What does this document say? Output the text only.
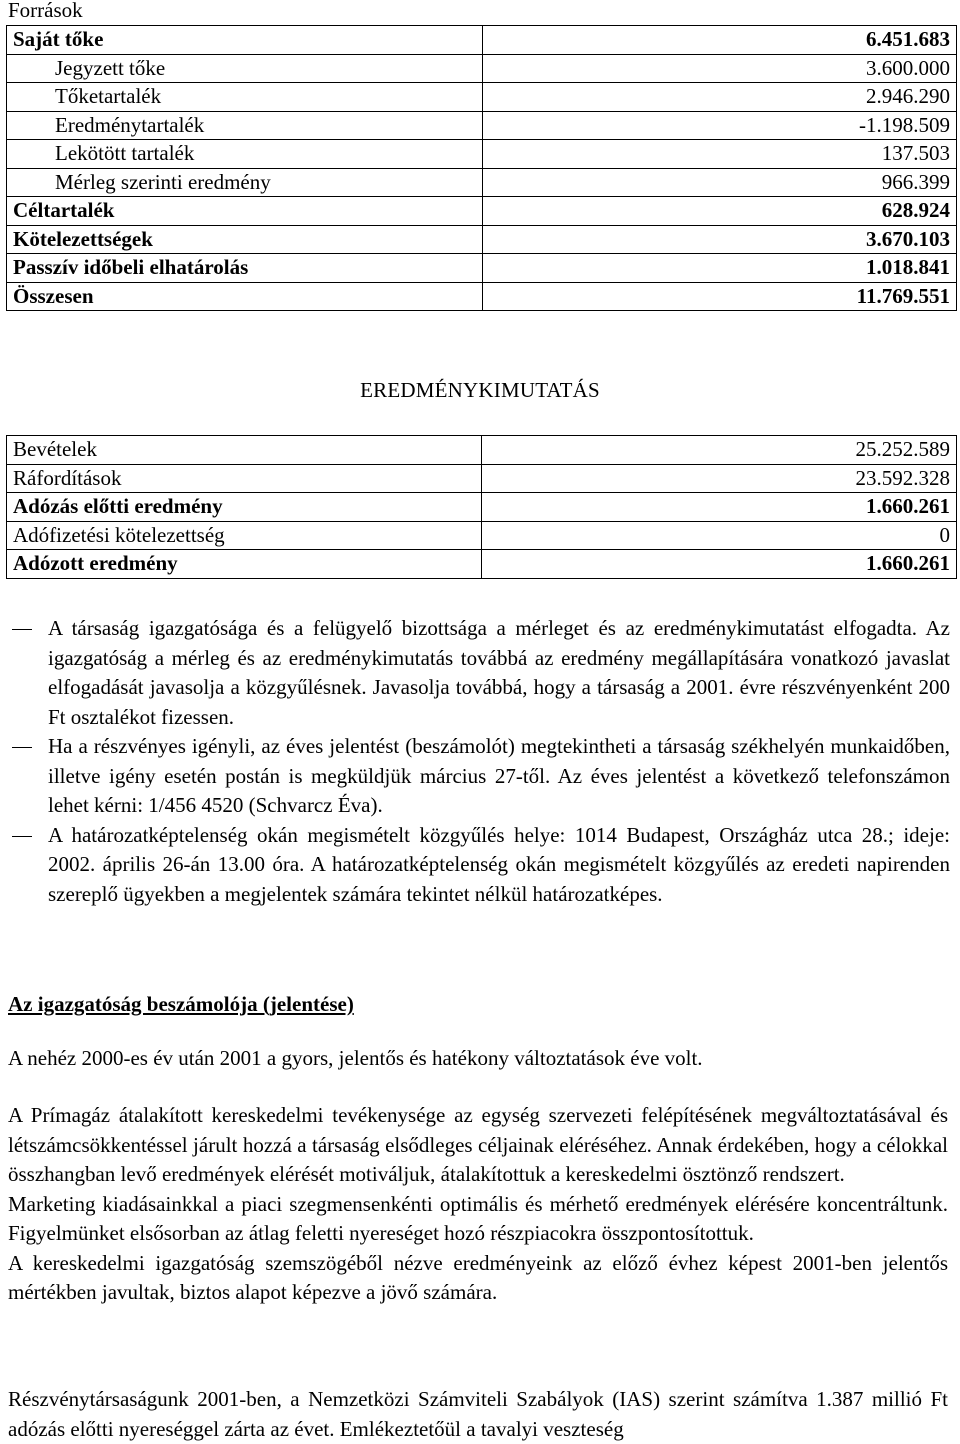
Források
Saját tőke	6.451.683
Jegyzett tőke	3.600.000
Tőketartalék	2.946.290
Eredménytartalék	-1.198.509
Lekötött tartalék	137.503
Mérleg szerinti eredmény	966.399
Céltartalék	628.924
Kötelezettségek	3.670.103
Passzív időbeli elhatárolás	1.018.841
Összesen	11.769.551
EREDMÉNYKIMUTATÁS
Bevételek	25.252.589
Ráfordítások	23.592.328
Adózás előtti eredmény	1.660.261
Adófizetési kötelezettség	0
Adózott eredmény	1.660.261
A társaság igazgatósága és a felügyelő bizottsága a mérleget és az eredménykimutatást elfogadta. Az igazgatóság a mérleg és az eredménykimutatás továbbá az eredmény megállapítására vonatkozó javaslat elfogadását javasolja a közgyűlésnek. Javasolja továbbá, hogy a társaság a 2001. évre részvényenként 200 Ft osztalékot fizessen.
Ha a részvényes igényli, az éves jelentést (beszámolót) megtekintheti a társaság székhelyén munkaidőben, illetve igény esetén postán is megküldjük március 27-től. Az éves jelentést a következő telefonszámon lehet kérni: 1/456 4520 (Schvarcz Éva).
A határozatképtelenség okán megismételt közgyűlés helye: 1014 Budapest, Országház utca 28.; ideje: 2002. április 26-án 13.00 óra. A határozatképtelenség okán megismételt közgyűlés az eredeti napirenden szereplő ügyekben a megjelentek számára tekintet nélkül határozatképes.
Az igazgatóság beszámolója (jelentése)
A nehéz 2000-es év után 2001 a gyors, jelentős és hatékony változtatások éve volt.
A Prímagáz átalakított kereskedelmi tevékenysége az egység szervezeti felépítésének megváltoztatásával és létszámcsökkentéssel járult hozzá a társaság elsődleges céljainak eléréséhez. Annak érdekében, hogy a célokkal összhangban levő eredmények elérését motiváljuk, átalakítottuk a kereskedelmi ösztönző rendszert.
Marketing kiadásainkkal a piaci szegmensenkénti optimális és mérhető eredmények elérésére koncentráltunk. Figyelmünket elsősorban az átlag feletti nyereséget hozó részpiacokra összpontosítottuk.
A kereskedelmi igazgatóság szemszögéből nézve eredményeink az előző évhez képest 2001-ben jelentős mértékben javultak, biztos alapot képezve a jövő számára.
Részvénytársaságunk 2001-ben, a Nemzetközi Számviteli Szabályok (IAS) szerint számítva 1.387 millió Ft adózás előtti nyereséggel zárta az évet. Emlékeztetőül a tavalyi veszteség
